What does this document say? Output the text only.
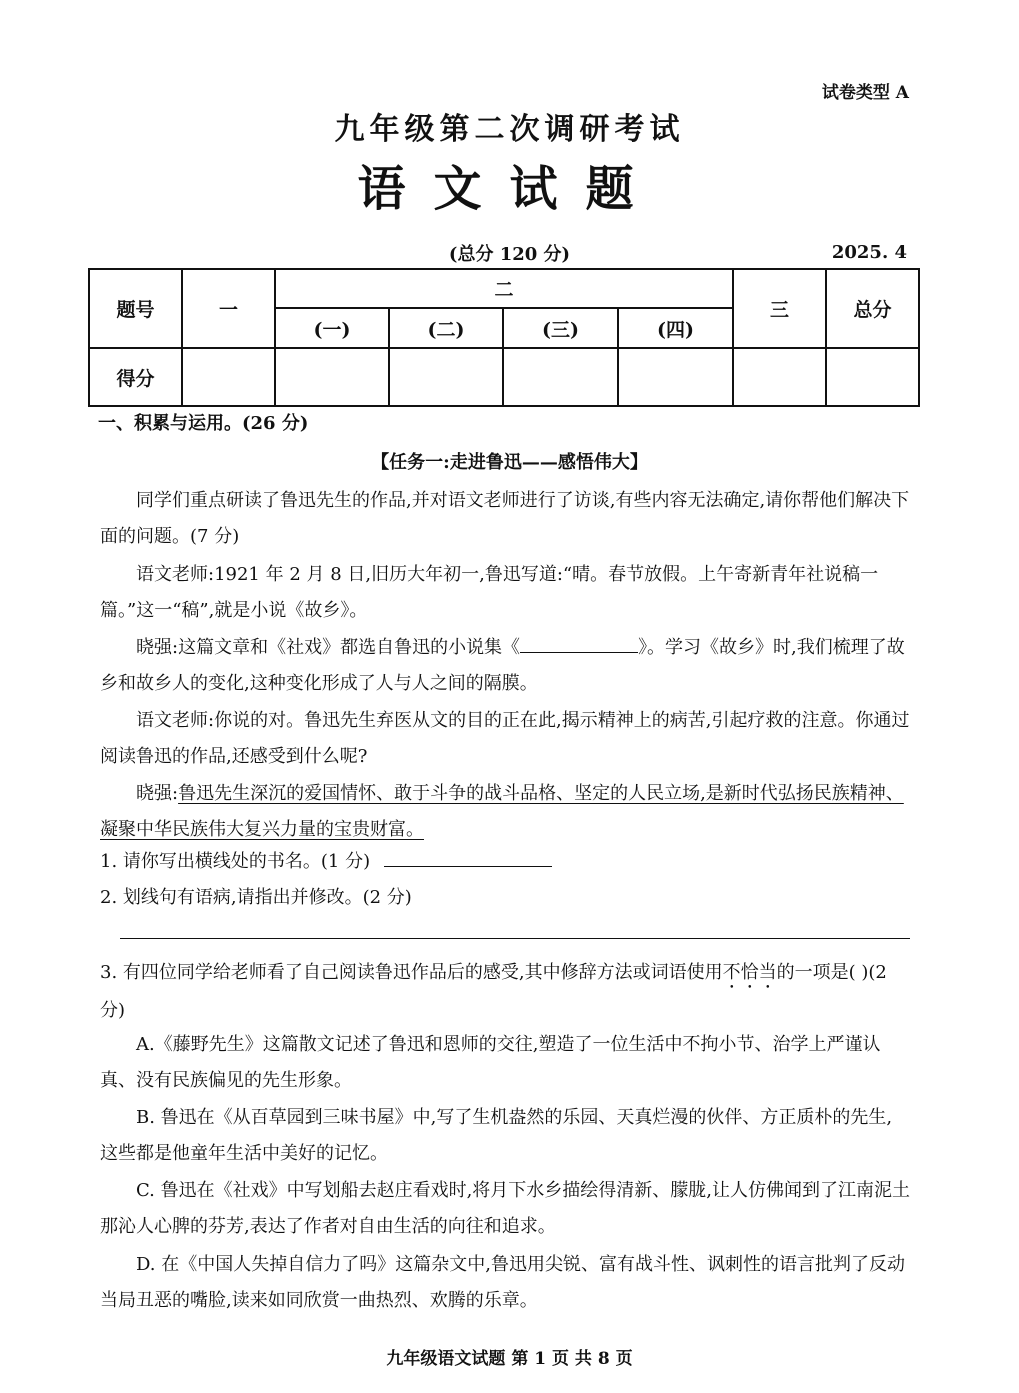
试卷类型 A
九年级第二次调研考试
语文试题
(总分 120 分)	2025. 4
题号	一	二				三	总分
		(一)	(二)	(三)	(四)		
得分							
一、积累与运用。(26 分)
【任务一:走进鲁迅——感悟伟大】
同学们重点研读了鲁迅先生的作品,并对语文老师进行了访谈,有些内容无法确定,请你帮他们解决下面的问题。(7 分)
语文老师:1921 年 2 月 8 日,旧历大年初一,鲁迅写道:“晴。春节放假。上午寄新青年社说稿一篇。”这一“稿”,就是小说《故乡》。
晓强:这篇文章和《社戏》都选自鲁迅的小说集《	》。学习《故乡》时,我们梳理了故乡和故乡人的变化,这种变化形成了人与人之间的隔膜。
语文老师:你说的对。鲁迅先生弃医从文的目的正在此,揭示精神上的病苦,引起疗救的注意。你通过阅读鲁迅的作品,还感受到什么呢?
晓强:鲁迅先生深沉的爱国情怀、敢于斗争的战斗品格、坚定的人民立场,是新时代弘扬民族精神、凝聚中华民族伟大复兴力量的宝贵财富。
1. 请你写出横线处的书名。(1 分)
2. 划线句有语病,请指出并修改。(2 分)
3. 有四位同学给老师看了自己阅读鲁迅作品后的感受,其中修辞方法或词语使用不恰当的一项是( )(2 分)
A.《藤野先生》这篇散文记述了鲁迅和恩师的交往,塑造了一位生活中不拘小节、治学上严谨认真、没有民族偏见的先生形象。
B. 鲁迅在《从百草园到三味书屋》中,写了生机盎然的乐园、天真烂漫的伙伴、方正质朴的先生,这些都是他童年生活中美好的记忆。
C. 鲁迅在《社戏》中写划船去赵庄看戏时,将月下水乡描绘得清新、朦胧,让人仿佛闻到了江南泥土那沁人心脾的芬芳,表达了作者对自由生活的向往和追求。
D. 在《中国人失掉自信力了吗》这篇杂文中,鲁迅用尖锐、富有战斗性、讽刺性的语言批判了反动当局丑恶的嘴脸,读来如同欣赏一曲热烈、欢腾的乐章。
九年级语文试题 第 1 页 共 8 页
